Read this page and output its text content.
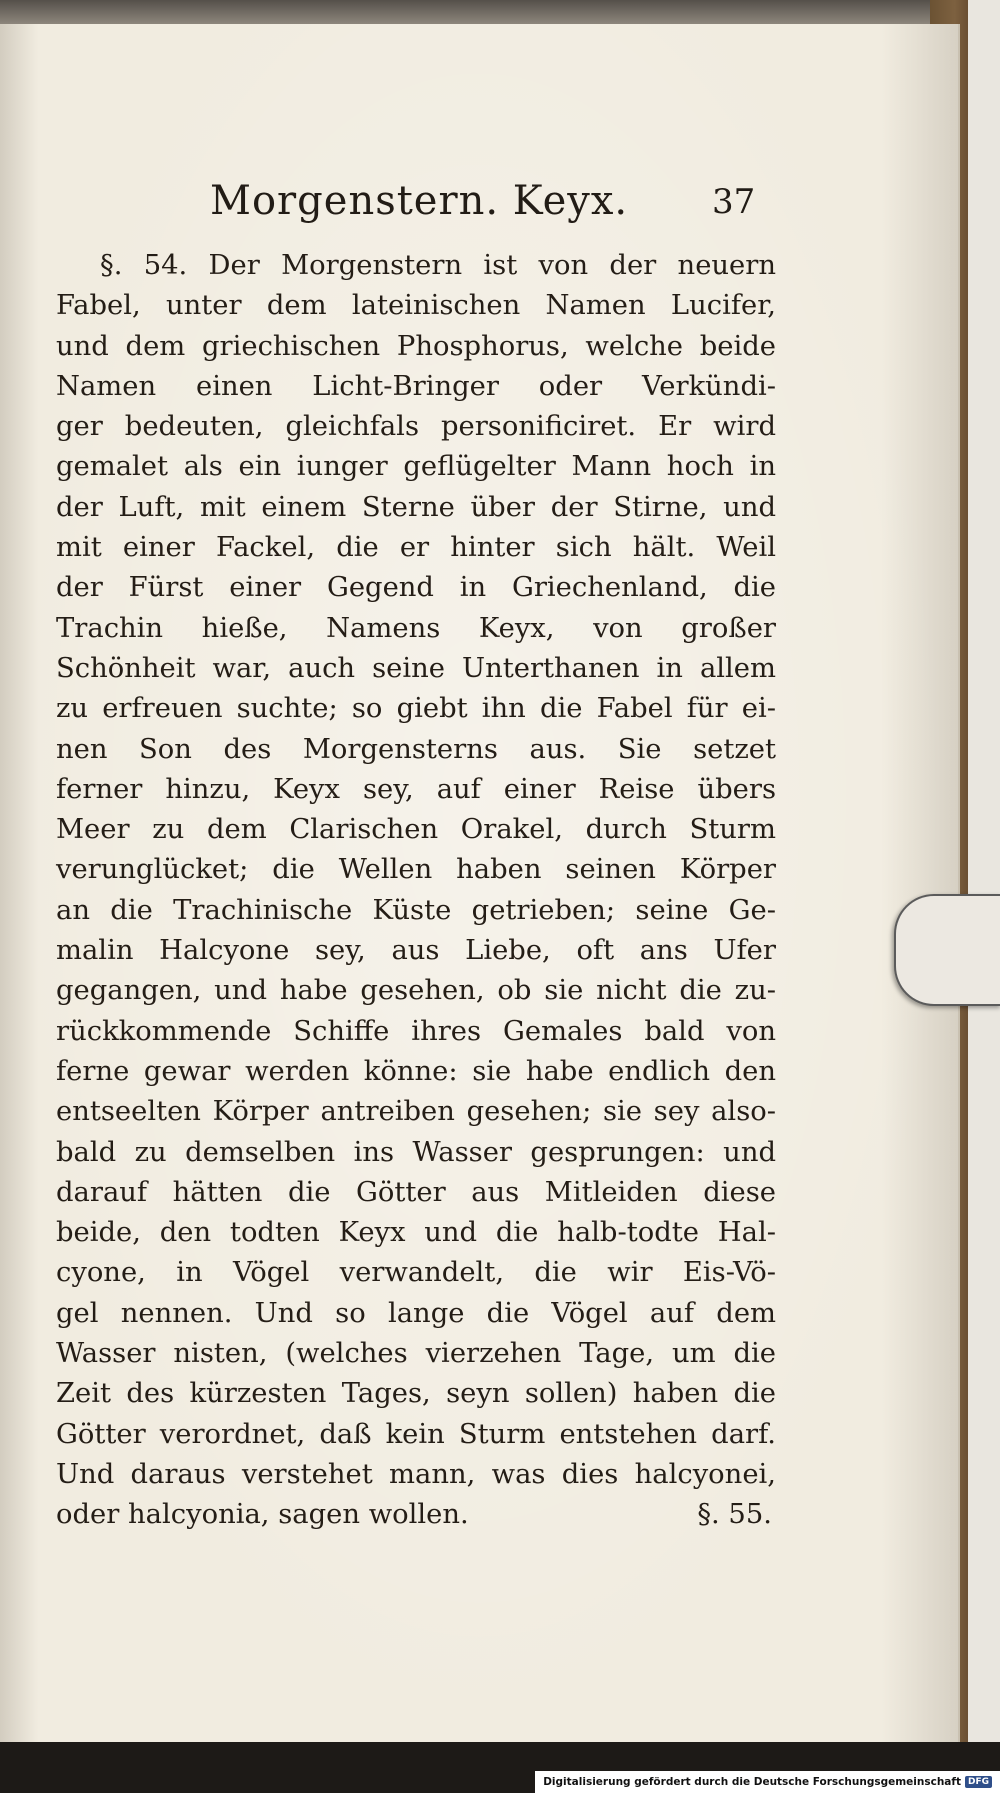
Morgenstern. Keyx. 37
§. 54. Der Morgenstern ist von der neuern
Fabel, unter dem lateinischen Namen Lucifer,
und dem griechischen Phosphorus, welche beide
Namen einen Licht-Bringer oder Verkündi-
ger bedeuten, gleichfals personificiret. Er wird
gemalet als ein iunger geflügelter Mann hoch in
der Luft, mit einem Sterne über der Stirne, und
mit einer Fackel, die er hinter sich hält. Weil
der Fürst einer Gegend in Griechenland, die
Trachin hieße, Namens Keyx, von großer
Schönheit war, auch seine Unterthanen in allem
zu erfreuen suchte; so giebt ihn die Fabel für ei-
nen Son des Morgensterns aus. Sie setzet
ferner hinzu, Keyx sey, auf einer Reise übers
Meer zu dem Clarischen Orakel, durch Sturm
verunglücket; die Wellen haben seinen Körper
an die Trachinische Küste getrieben; seine Ge-
malin Halcyone sey, aus Liebe, oft ans Ufer
gegangen, und habe gesehen, ob sie nicht die zu-
rückkommende Schiffe ihres Gemales bald von
ferne gewar werden könne: sie habe endlich den
entseelten Körper antreiben gesehen; sie sey also-
bald zu demselben ins Wasser gesprungen: und
darauf hätten die Götter aus Mitleiden diese
beide, den todten Keyx und die halb-todte Hal-
cyone, in Vögel verwandelt, die wir Eis-Vö-
gel nennen. Und so lange die Vögel auf dem
Wasser nisten, (welches vierzehen Tage, um die
Zeit des kürzesten Tages, seyn sollen) haben die
Götter verordnet, daß kein Sturm entstehen darf.
Und daraus verstehet mann, was dies halcyonei,
oder halcyonia, sagen wollen.	§. 55.
Digitalisierung gefördert durch die Deutsche Forschungsgemeinschaft DFG
